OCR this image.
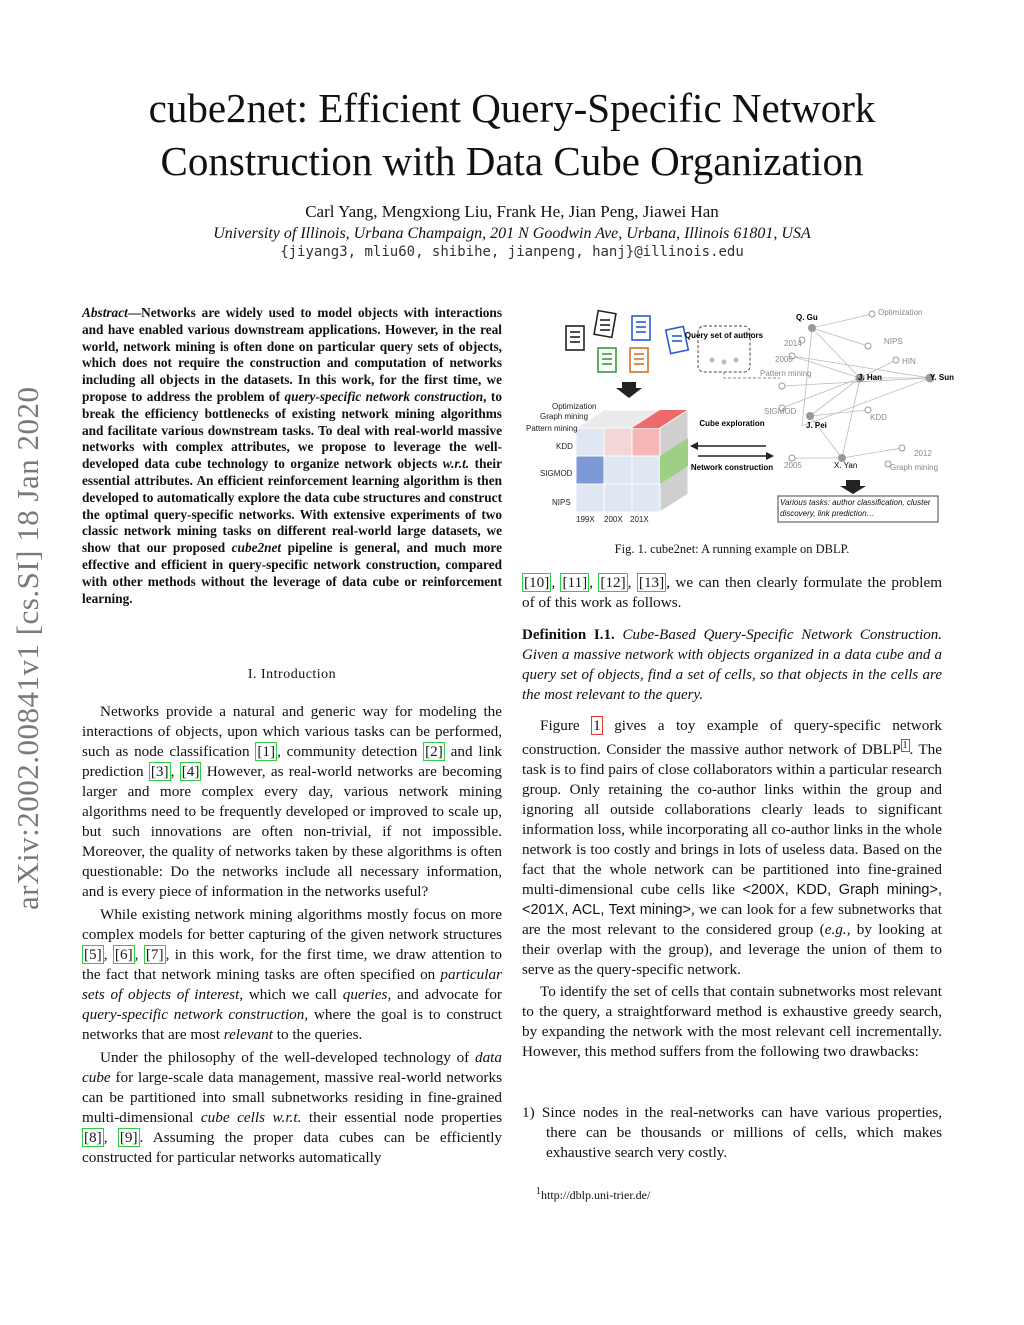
arXiv:2002.00841v1 [cs.SI] 18 Jan 2020
cube2net: Efficient Query-Specific Network
Construction with Data Cube Organization
Carl Yang, Mengxiong Liu, Frank He, Jian Peng, Jiawei Han
University of Illinois, Urbana Champaign, 201 N Goodwin Ave, Urbana, Illinois 61801, USA
{jiyang3, mliu60, shibihe, jianpeng, hanj}@illinois.edu
Abstract—Networks are widely used to model objects with interactions and have enabled various downstream applications. However, in the real world, network mining is often done on particular query sets of objects, which does not require the construction and computation of networks including all objects in the datasets. In this work, for the first time, we propose to address the problem of query-specific network construction, to break the efficiency bottlenecks of existing network mining algorithms and facilitate various downstream tasks. To deal with real-world massive networks with complex attributes, we propose to leverage the well-developed data cube technology to organize network objects w.r.t. their essential attributes. An efficient reinforcement learning algorithm is then developed to automatically explore the data cube structures and construct the optimal query-specific networks. With extensive experiments of two classic network mining tasks on different real-world large datasets, we show that our proposed cube2net pipeline is general, and much more effective and efficient in query-specific network construction, compared with other methods without the leverage of data cube or reinforcement learning.
I. Introduction

Networks provide a natural and generic way for modeling the interactions of objects, upon which various tasks can be performed, such as node classification [1] , community detection [2] and link prediction [3] , [4] However, as real-world networks are becoming larger and more complex every day, various network mining algorithms need to be frequently developed or improved to scale up, but such innovations are often non-trivial, if not impossible. Moreover, the quality of networks taken by these algorithms is often questionable: Do the networks include all necessary information, and is every piece of information in the networks useful?

While existing network mining algorithms mostly focus on more complex models for better capturing of the given network structures [5] , [6] , [7] , in this work, for the first time, we draw attention to the fact that network mining tasks are often specified on particular sets of objects of interest, which we call queries, and advocate for query-specific network construction, where the goal is to construct networks that are most relevant to the queries.

Under the philosophy of the well-developed technology of data cube for large-scale data management, massive real-world networks can be partitioned into small subnetworks residing in fine-grained multi-dimensional cube cells w.r.t. their essential node properties [8] , [9] . Assuming the proper data cubes can be efficiently constructed for particular networks automatically

Query set of authors
Optimization
Graph mining
Pattern mining
KDD
SIGMOD
NIPS
199X 200X 201X
Cube exploration
Network construction
Q. Gu
Optimization
2014	NIPS
2000
Pattern mining	J. Han
HIN
Y. Sun
SIGMOD
KDD
J. Pei
2012
2005	X. Yan	Graph mining
Various tasks: author classification, cluster discovery, link prediction…
Fig. 1. cube2net: A running example on DBLP.
[10] , [11] , [12] , [13] , we can then clearly formulate the problem of of this work as follows.
Definition I.1. Cube-Based Query-Specific Network Construction. Given a massive network with objects organized in a data cube and a query set of objects, find a set of cells, so that objects in the cells are the most relevant to the query.

Figure 1 gives a toy example of query-specific network construction. Consider the massive author network of DBLP $^1$ . The task is to find pairs of close collaborators within a particular research group. Only retaining the co-author links within the group and ignoring all outside collaborations clearly leads to significant information loss, while incorporating all co-author links in the whole network is too costly and brings in lots of useless data. Based on the fact that the whole network can be partitioned into fine-grained multi-dimensional cube cells like <200X, KDD, Graph mining>, <201X, ACL, Text mining>, we can look for a few subnetworks that are the most relevant to the considered group (e.g., by looking at their overlap with the group), and leverage the union of them to serve as the query-specific network.

To identify the set of cells that contain subnetworks most relevant to the query, a straightforward method is exhaustive greedy search, by expanding the network with the most relevant cell incrementally. However, this method suffers from the following two drawbacks:

1) Since nodes in the real-networks can have various properties, there can be thousands or millions of cells, which makes exhaustive search very costly.
$^1$http://dblp.uni-trier.de/
